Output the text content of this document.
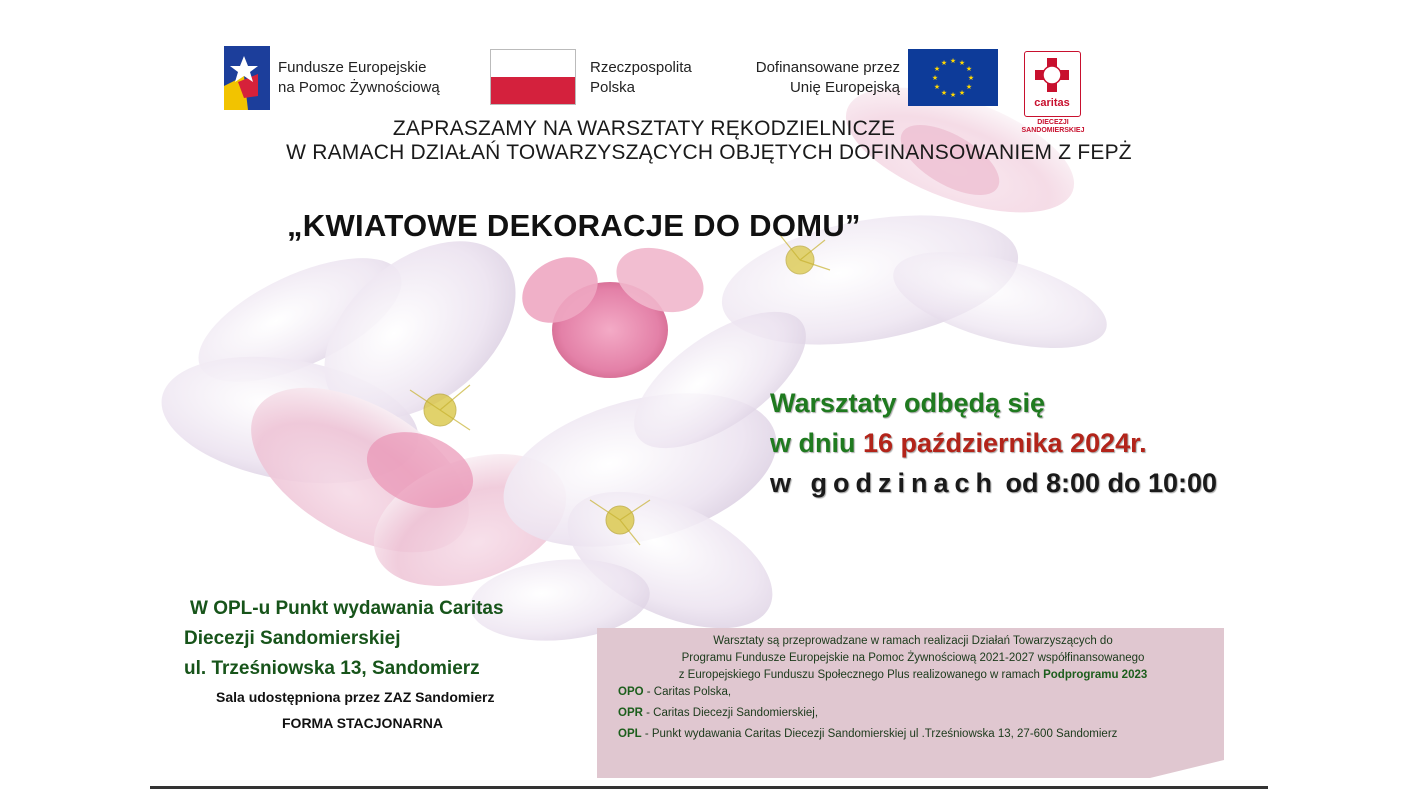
Fundusze Europejskie
na Pomoc Żywnościową
Rzeczpospolita
Polska
Dofinansowane przez
Unię Europejską
★ ★
★
★
★
★
★
★
★
★
★
★
caritas
DIECEZJI
SANDOMIERSKIEJ
ZAPRASZAMY NA WARSZTATY RĘKODZIELNICZE
W RAMACH DZIAŁAŃ TOWARZYSZĄCYCH OBJĘTYCH DOFINANSOWANIEM Z FEPŻ
„KWIATOWE DEKORACJE DO DOMU”
Warsztaty odbędą się
w dniu 16 października 2024r.
w godzinach od 8:00 do 10:00
W OPL-u Punkt wydawania Caritas
Diecezji Sandomierskiej
ul. Trześniowska 13, Sandomierz
Sala udostępniona przez ZAZ Sandomierz
FORMA STACJONARNA
Warsztaty są przeprowadzane w ramach realizacji Działań Towarzyszących do
Programu Fundusze Europejskie na Pomoc Żywnościową 2021-2027 współfinansowanego
z Europejskiego Funduszu Społecznego Plus realizowanego w ramach Podprogramu 2023
OPO - Caritas Polska,
OPR - Caritas Diecezji Sandomierskiej,
OPL - Punkt wydawania Caritas Diecezji Sandomierskiej ul .Trześniowska 13, 27-600 Sandomierz
